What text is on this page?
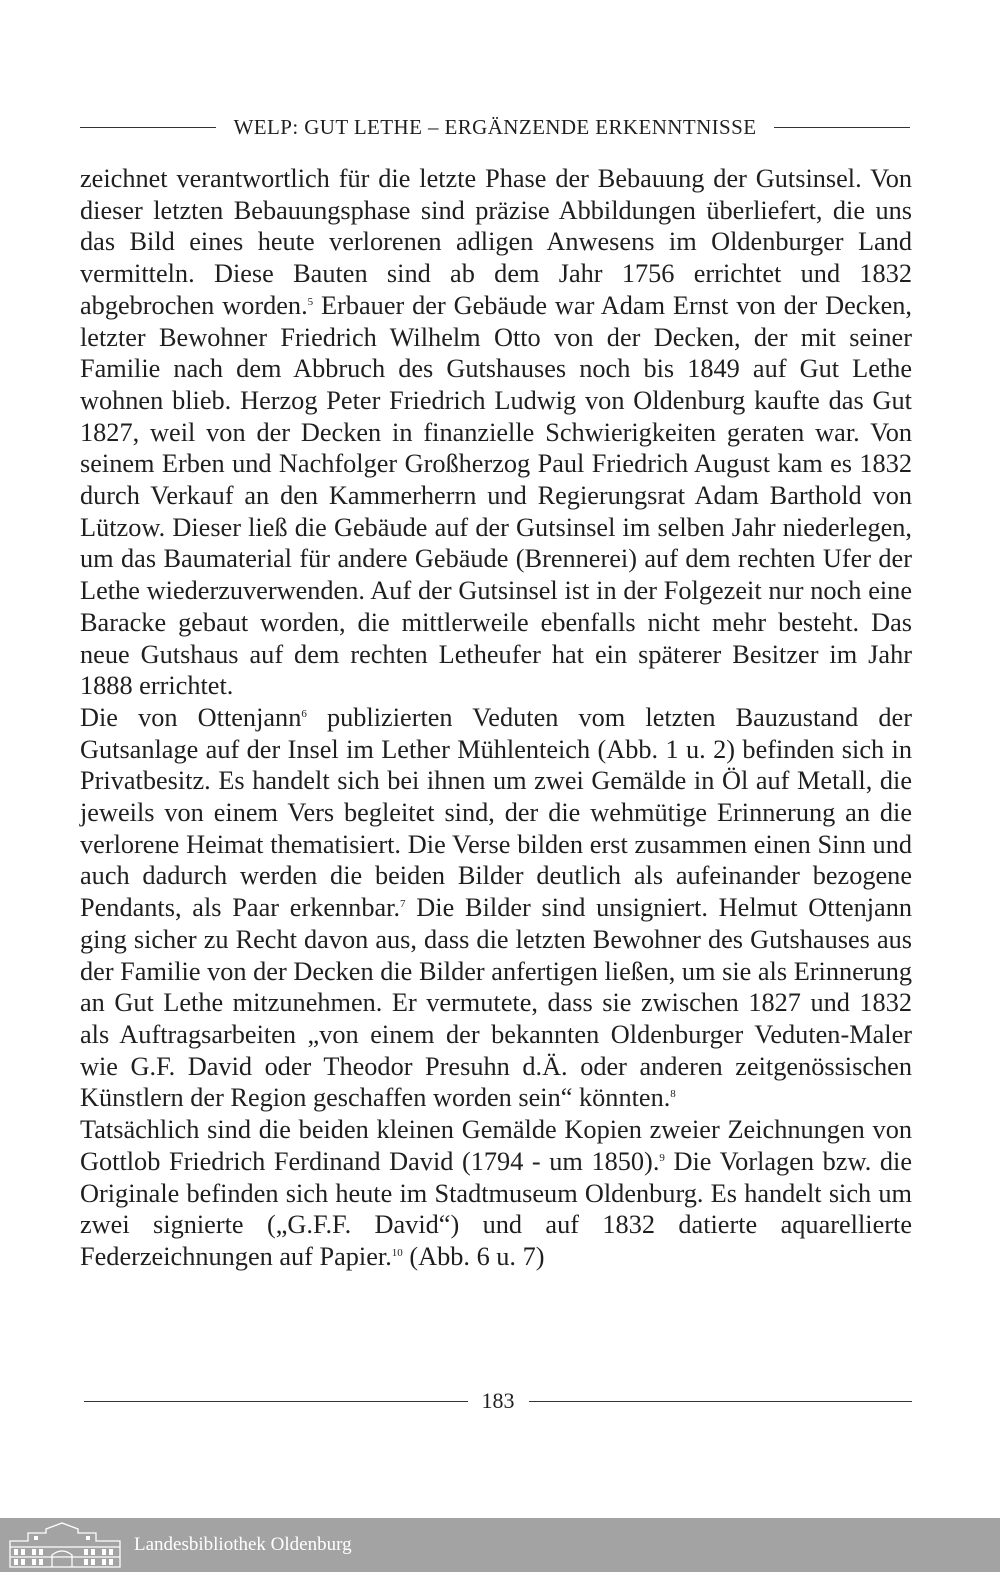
WELP: GUT LETHE – ERGÄNZENDE ERKENNTNISSE

zeichnet verantwortlich für die letzte Phase der Bebauung der Gutsinsel. Von dieser letzten Bebauungsphase sind präzise Abbildungen überliefert, die uns das Bild eines heute verlorenen adligen Anwesens im Oldenburger Land vermitteln. Diese Bauten sind ab dem Jahr 1756 errichtet und 1832 abgebrochen worden.$^5$ Erbauer der Gebäude war Adam Ernst von der Decken, letzter Bewohner Friedrich Wilhelm Otto von der Decken, der mit seiner Familie nach dem Abbruch des Gutshauses noch bis 1849 auf Gut Lethe wohnen blieb. Herzog Peter Friedrich Ludwig von Oldenburg kaufte das Gut 1827, weil von der Decken in finanzielle Schwierigkeiten geraten war. Von seinem Erben und Nachfolger Großherzog Paul Friedrich August kam es 1832 durch Verkauf an den Kammerherrn und Regierungsrat Adam Barthold von Lützow. Dieser ließ die Gebäude auf der Gutsinsel im selben Jahr niederlegen, um das Baumaterial für andere Gebäude (Brennerei) auf dem rechten Ufer der Lethe wiederzuverwenden. Auf der Gutsinsel ist in der Folgezeit nur noch eine Baracke gebaut worden, die mittlerweile ebenfalls nicht mehr besteht. Das neue Gutshaus auf dem rechten Letheufer hat ein späterer Besitzer im Jahr 1888 errichtet.

Die von Ottenjann$^6$ publizierten Veduten vom letzten Bauzustand der Gutsanlage auf der Insel im Lether Mühlenteich (Abb. 1 u. 2) befinden sich in Privatbesitz. Es handelt sich bei ihnen um zwei Gemälde in Öl auf Metall, die jeweils von einem Vers begleitet sind, der die wehmütige Erinnerung an die verlorene Heimat thematisiert. Die Verse bilden erst zusammen einen Sinn und auch dadurch werden die beiden Bilder deutlich als aufeinander bezogene Pendants, als Paar erkennbar.$^7$ Die Bilder sind unsigniert. Helmut Ottenjann ging sicher zu Recht davon aus, dass die letzten Bewohner des Gutshauses aus der Familie von der Decken die Bilder anfertigen ließen, um sie als Erinnerung an Gut Lethe mitzunehmen. Er vermutete, dass sie zwischen 1827 und 1832 als Auftragsarbeiten „von einem der bekannten Oldenburger Veduten-Maler wie G.F. David oder Theodor Presuhn d.Ä. oder anderen zeitgenössischen Künstlern der Region geschaffen worden sein“ könnten.$^8$

Tatsächlich sind die beiden kleinen Gemälde Kopien zweier Zeichnungen von Gottlob Friedrich Ferdinand David (1794 - um 1850).$^9$ Die Vorlagen bzw. die Originale befinden sich heute im Stadtmuseum Oldenburg. Es handelt sich um zwei signierte („G.F.F. David“) und auf 1832 datierte aquarellierte Federzeichnungen auf Papier.$^{10}$ (Abb. 6 u. 7)

183
Landesbibliothek Oldenburg
